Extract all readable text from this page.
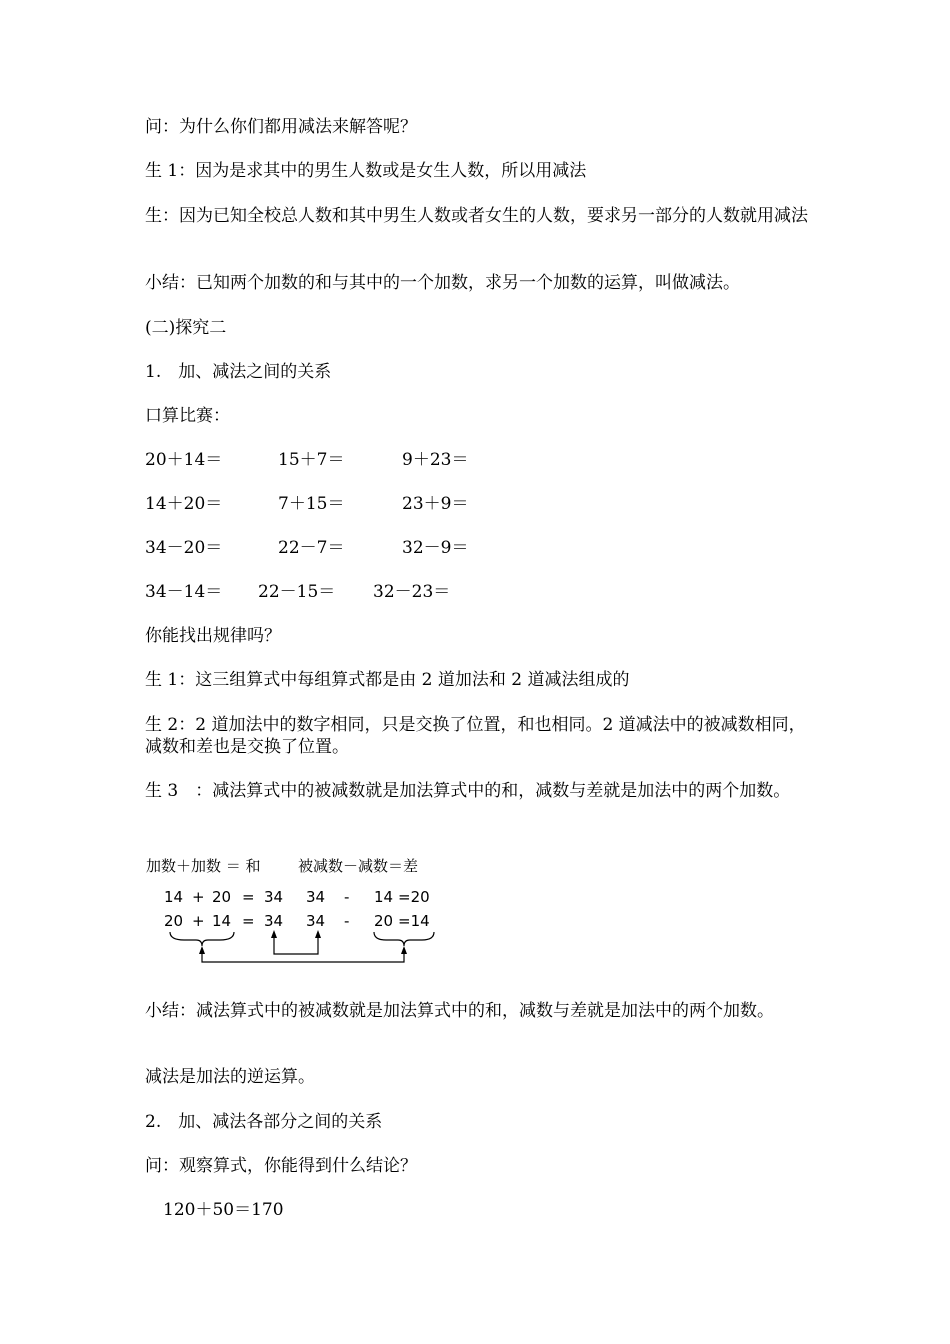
问：为什么你们都用减法来解答呢？

生 1：因为是求其中的男生人数或是女生人数，所以用减法

生：因为已知全校总人数和其中男生人数或者女生的人数，要求另一部分的人数就用减法

小结：已知两个加数的和与其中的一个加数，求另一个加数的运算，叫做减法。

(二)探究二

1.　加、减法之间的关系

口算比赛：

20＋14＝	15＋7＝	9＋23＝
14＋20＝	7＋15＝	23＋9＝
34－20＝	22－7＝	32－9＝
34－14＝ 22－15＝ 32－23＝

你能找出规律吗？

生 1：这三组算式中每组算式都是由 2 道加法和 2 道减法组成的

生 2：2 道加法中的数字相同，只是交换了位置，和也相同。2 道减法中的被减数相同，减数和差也是交换了位置。

生 3　：减法算式中的被减数就是加法算式中的和，减数与差就是加法中的两个加数。

加数＋加数 ＝ 和 被减数－减数＝差
14 + 20 = 34 34 - 14 =20
20 + 14 = 34 34 - 20 =14

小结：减法算式中的被减数就是加法算式中的和，减数与差就是加法中的两个加数。

减法是加法的逆运算。

2.　加、减法各部分之间的关系

问：观察算式，你能得到什么结论？

120＋50＝170
